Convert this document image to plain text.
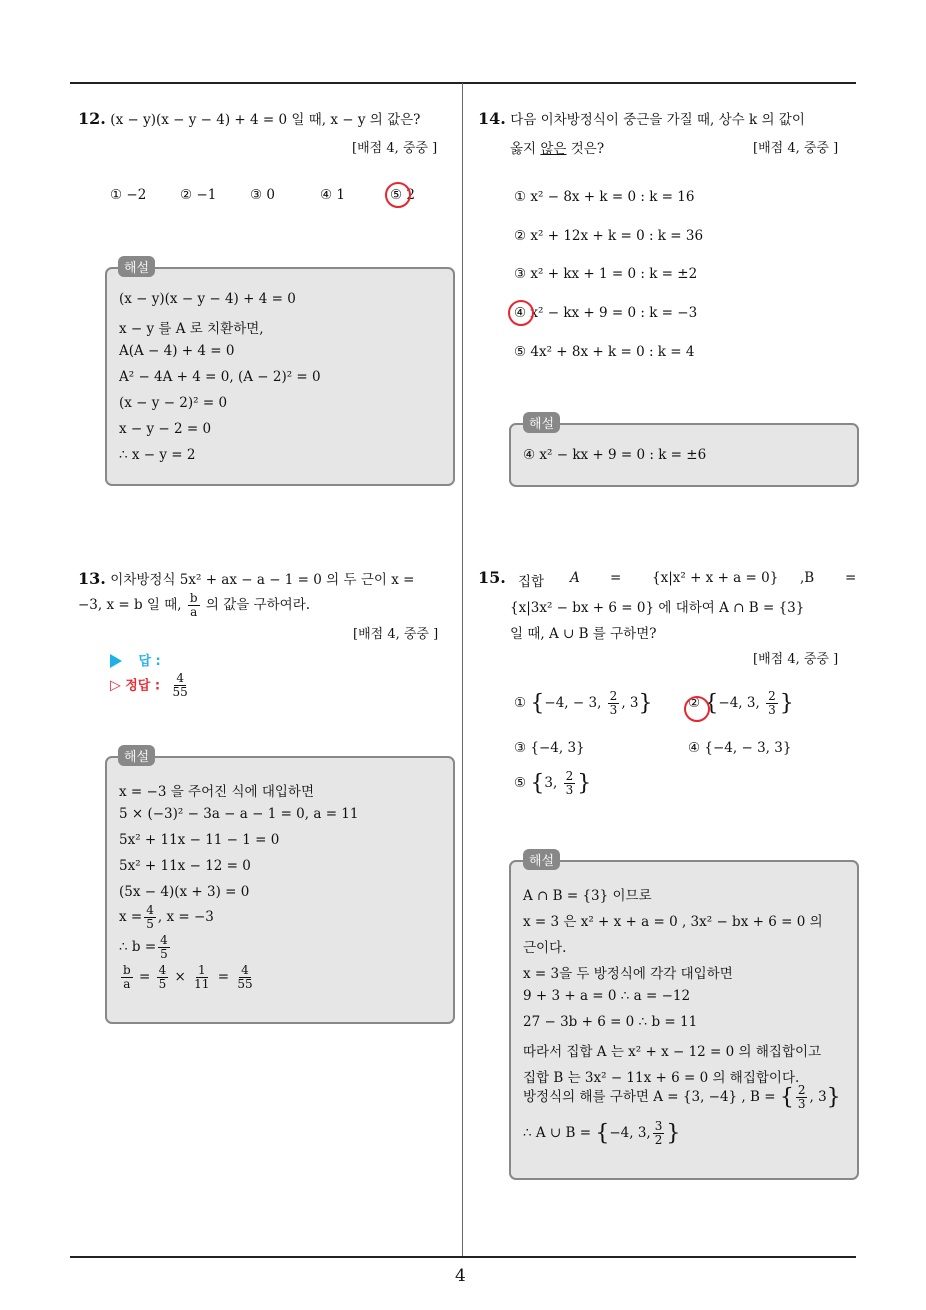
4
12. (x − y)(x − y − 4) + 4 = 0 일 때, x − y 의 값은?
[배점 4, 중중 ]
① −2 ② −1 ③ 0	④ 1	⑤ 2
(x − y)(x − y − 4) + 4 = 0
x − y 를 A 로 치환하면,
A(A − 4) + 4 = 0
A² − 4A + 4 = 0, (A − 2)² = 0
(x − y − 2)² = 0
x − y − 2 = 0
∴ x − y = 2
해설
13. 이차방정식 5x² + ax − a − 1 = 0 의 두 근이 x =
−3, x = b 일 때, $\frac{b}{a}$ 의 값을 구하여라.
[배점 4, 중중 ]
답 :
▷ 정답 : $\frac{4}{55}$
x = −3 을 주어진 식에 대입하면
5 × (−3)² − 3a − a − 1 = 0, a = 11
5x² + 11x − 11 − 1 = 0
5x² + 11x − 12 = 0
(5x − 4)(x + 3) = 0
$x = \frac{4}{5}$ , x = −3
∴ $b = \frac{4}{5}$
$\frac{b}{a} = \frac{4}{5} \times \frac{1}{11} = \frac{4}{55}$
해설
14. 다음 이차방정식이 중근을 가질 때, 상수 k 의 값이
옳지 않은 것은?	[배점 4, 중중 ]
① x² − 8x + k = 0 : k = 16
② x² + 12x + k = 0 : k = 36
③ x² + kx + 1 = 0 : k = ±2
④ x² − kx + 9 = 0 : k = −3
⑤ 4x² + 8x + k = 0 : k = 4
④ x² − kx + 9 = 0 : k = ±6
해설
15. 집합 A = {x|x² + x + a = 0} ,B =
{x|3x² − bx + 6 = 0} 에 대하여 A ∩ B = {3}
일 때, A ∪ B 를 구하면?
[배점 4, 중중 ]
① {−4, − 3, $\frac{2}{3}$ , 3}	② {−4, 3, $\frac{2}{3}$ }
③ {−4, 3}	④ {−4, − 3, 3}
⑤ {3, $\frac{2}{3}$ }
A ∩ B = {3} 이므로
x = 3 은 x² + x + a = 0 , 3x² − bx + 6 = 0 의
근이다.
x = 3을 두 방정식에 각각 대입하면
9 + 3 + a = 0 ∴ a = −12
27 − 3b + 6 = 0 ∴ b = 11
따라서 집합 A 는 x² + x − 12 = 0 의 해집합이고
집합 B 는 3x² − 11x + 6 = 0 의 해집합이다.
방정식의 해를 구하면 A = {3, −4} , B = { $\frac{2}{3}$ , 3}
∴ A ∪ B = {−4, 3, $\frac{3}{2}$ }
해설
